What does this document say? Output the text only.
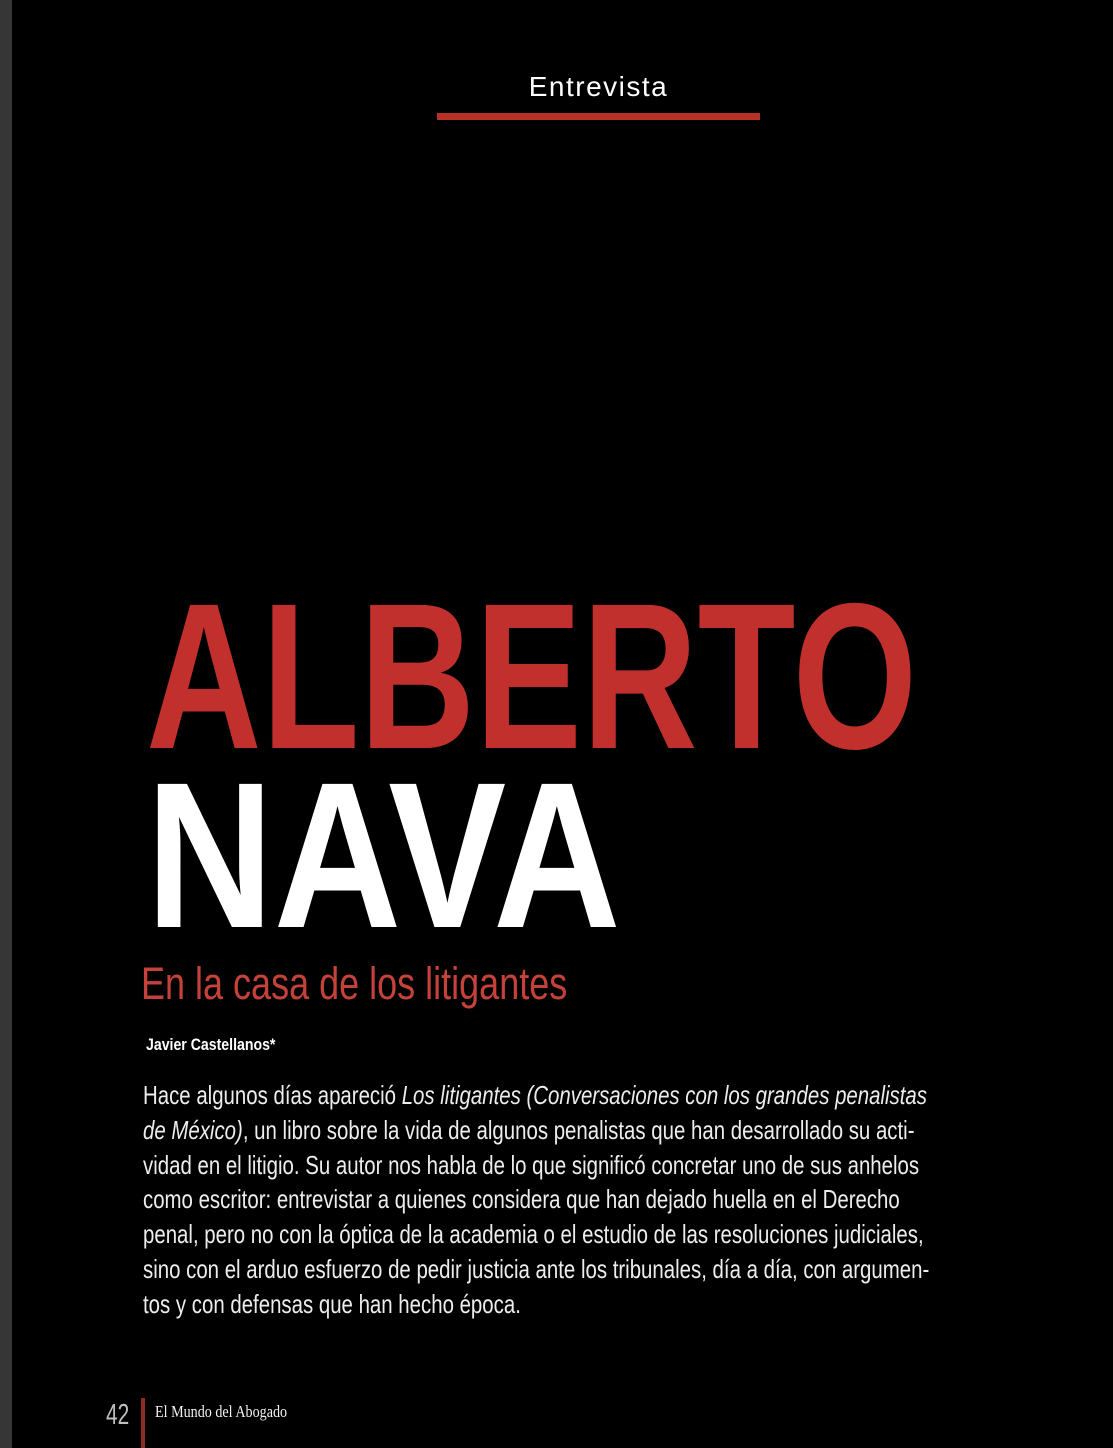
Entrevista
ALBERTO
NAVA
En la casa de los litigantes
Javier Castellanos*
Hace algunos días apareció Los litigantes (Conversaciones con los grandes penalistas
de México), un libro sobre la vida de algunos penalistas que han desarrollado su acti-
vidad en el litigio. Su autor nos habla de lo que significó concretar uno de sus anhelos
como escritor: entrevistar a quienes considera que han dejado huella en el Derecho
penal, pero no con la óptica de la academia o el estudio de las resoluciones judiciales,
sino con el arduo esfuerzo de pedir justicia ante los tribunales, día a día, con argumen-
tos y con defensas que han hecho época.
42 El Mundo del Abogado
